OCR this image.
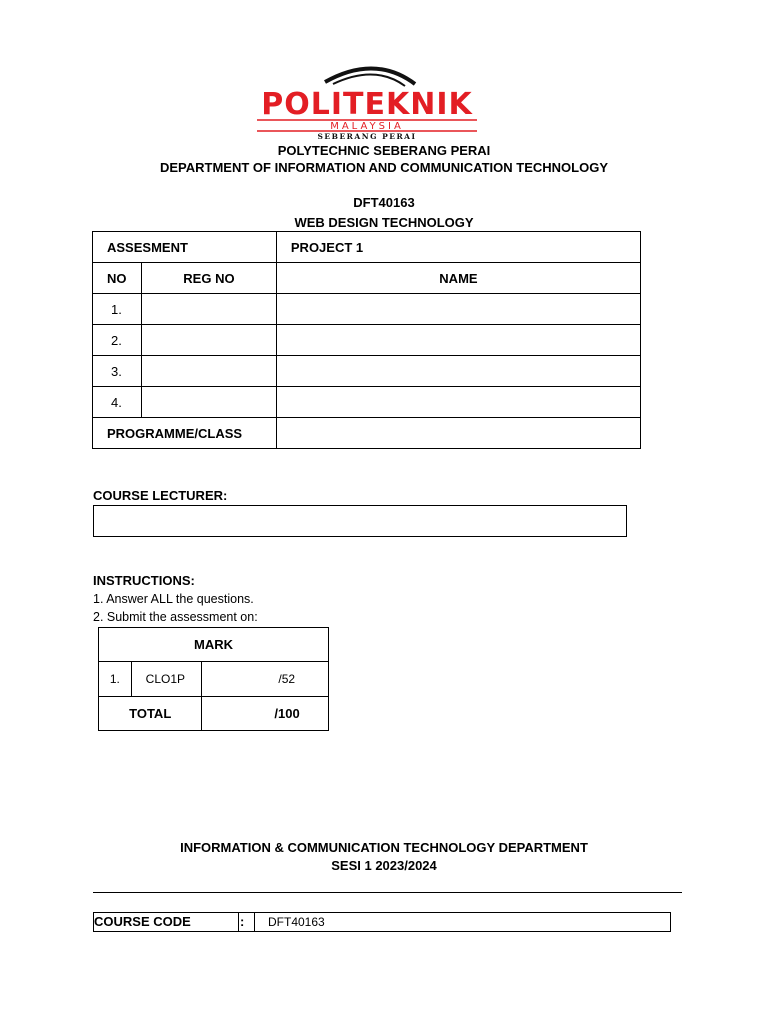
POLITEKNIK
MALAYSIA
SEBERANG PERAI
POLYTECHNIC SEBERANG PERAI
DEPARTMENT OF INFORMATION AND COMMUNICATION TECHNOLOGY
DFT40163
WEB DESIGN TECHNOLOGY
ASSESMENT		PROJECT 1
NO	REG NO	NAME
1.		
2.		
3.		
4.		
PROGRAMME/CLASS		
COURSE LECTURER:
INSTRUCTIONS:
1. Answer ALL the questions.
2. Submit the assessment on:
MARK		
1.	CLO1P	/52
TOTAL		/100
INFORMATION & COMMUNICATION TECHNOLOGY DEPARTMENT
SESI 1 2023/2024
COURSE CODE	: DFT40163
